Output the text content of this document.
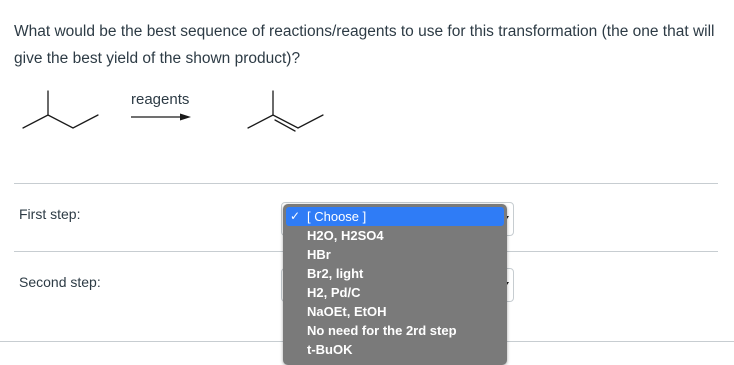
What would be the best sequence of reactions/reagents to use for this transformation (the one that will give the best yield of the shown product)?
reagents
First step:
Second step:
✓ [ Choose ]
H2O, H2SO4
HBr
Br2, light
H2, Pd/C
NaOEt, EtOH
No need for the 2rd step
t-BuOK
